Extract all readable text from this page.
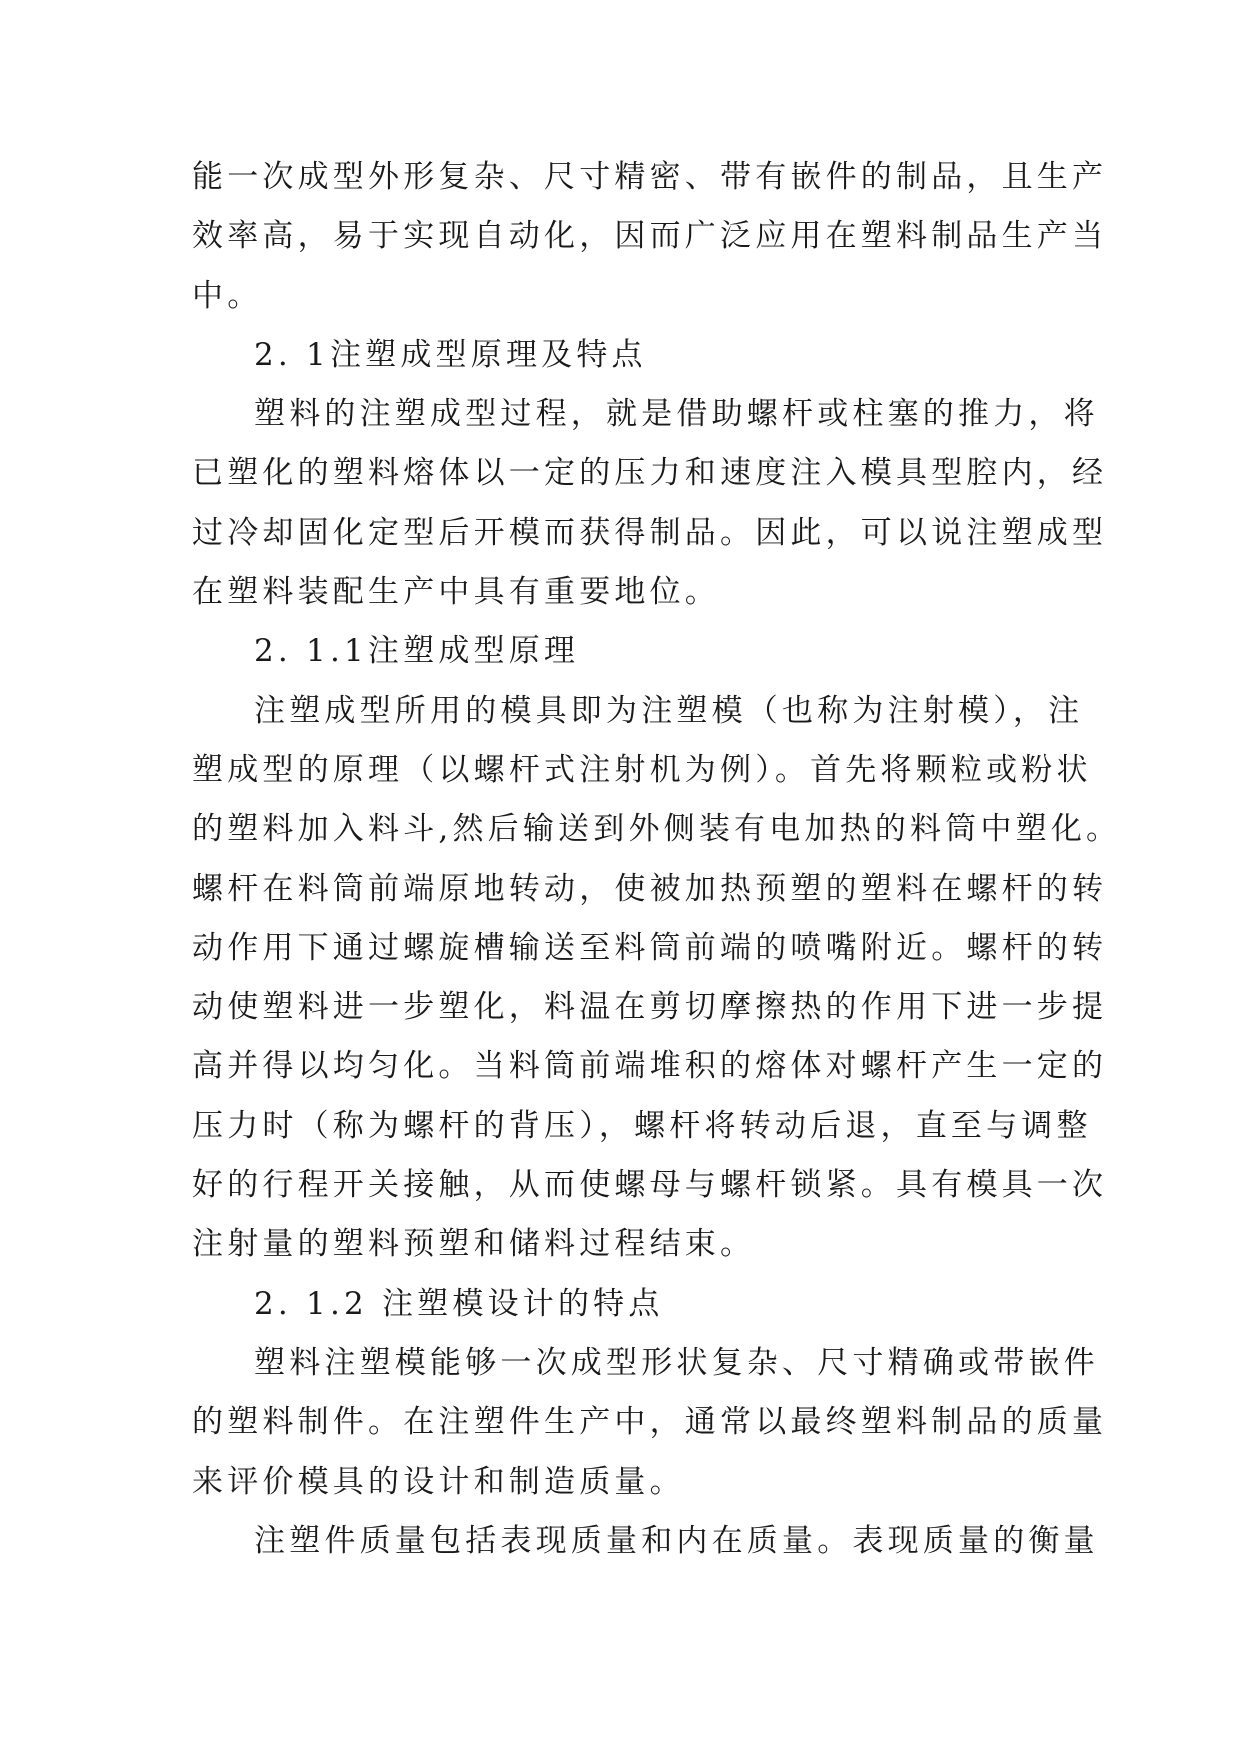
能一次成型外形复杂、尺寸精密、带有嵌件的制品，且生产
效率高，易于实现自动化，因而广泛应用在塑料制品生产当
中。
2. 1注塑成型原理及特点
塑料的注塑成型过程，就是借助螺杆或柱塞的推力，将
已塑化的塑料熔体以一定的压力和速度注入模具型腔内，经
过冷却固化定型后开模而获得制品。因此，可以说注塑成型
在塑料装配生产中具有重要地位。
2. 1.1注塑成型原理
注塑成型所用的模具即为注塑模（也称为注射模），注
塑成型的原理（以螺杆式注射机为例）。首先将颗粒或粉状
的塑料加入料斗,然后输送到外侧装有电加热的料筒中塑化。
螺杆在料筒前端原地转动，使被加热预塑的塑料在螺杆的转
动作用下通过螺旋槽输送至料筒前端的喷嘴附近。螺杆的转
动使塑料进一步塑化，料温在剪切摩擦热的作用下进一步提
高并得以均匀化。当料筒前端堆积的熔体对螺杆产生一定的
压力时（称为螺杆的背压），螺杆将转动后退，直至与调整
好的行程开关接触，从而使螺母与螺杆锁紧。具有模具一次
注射量的塑料预塑和储料过程结束。
2. 1.2 注塑模设计的特点
塑料注塑模能够一次成型形状复杂、尺寸精确或带嵌件
的塑料制件。在注塑件生产中，通常以最终塑料制品的质量
来评价模具的设计和制造质量。
注塑件质量包括表现质量和内在质量。表现质量的衡量
